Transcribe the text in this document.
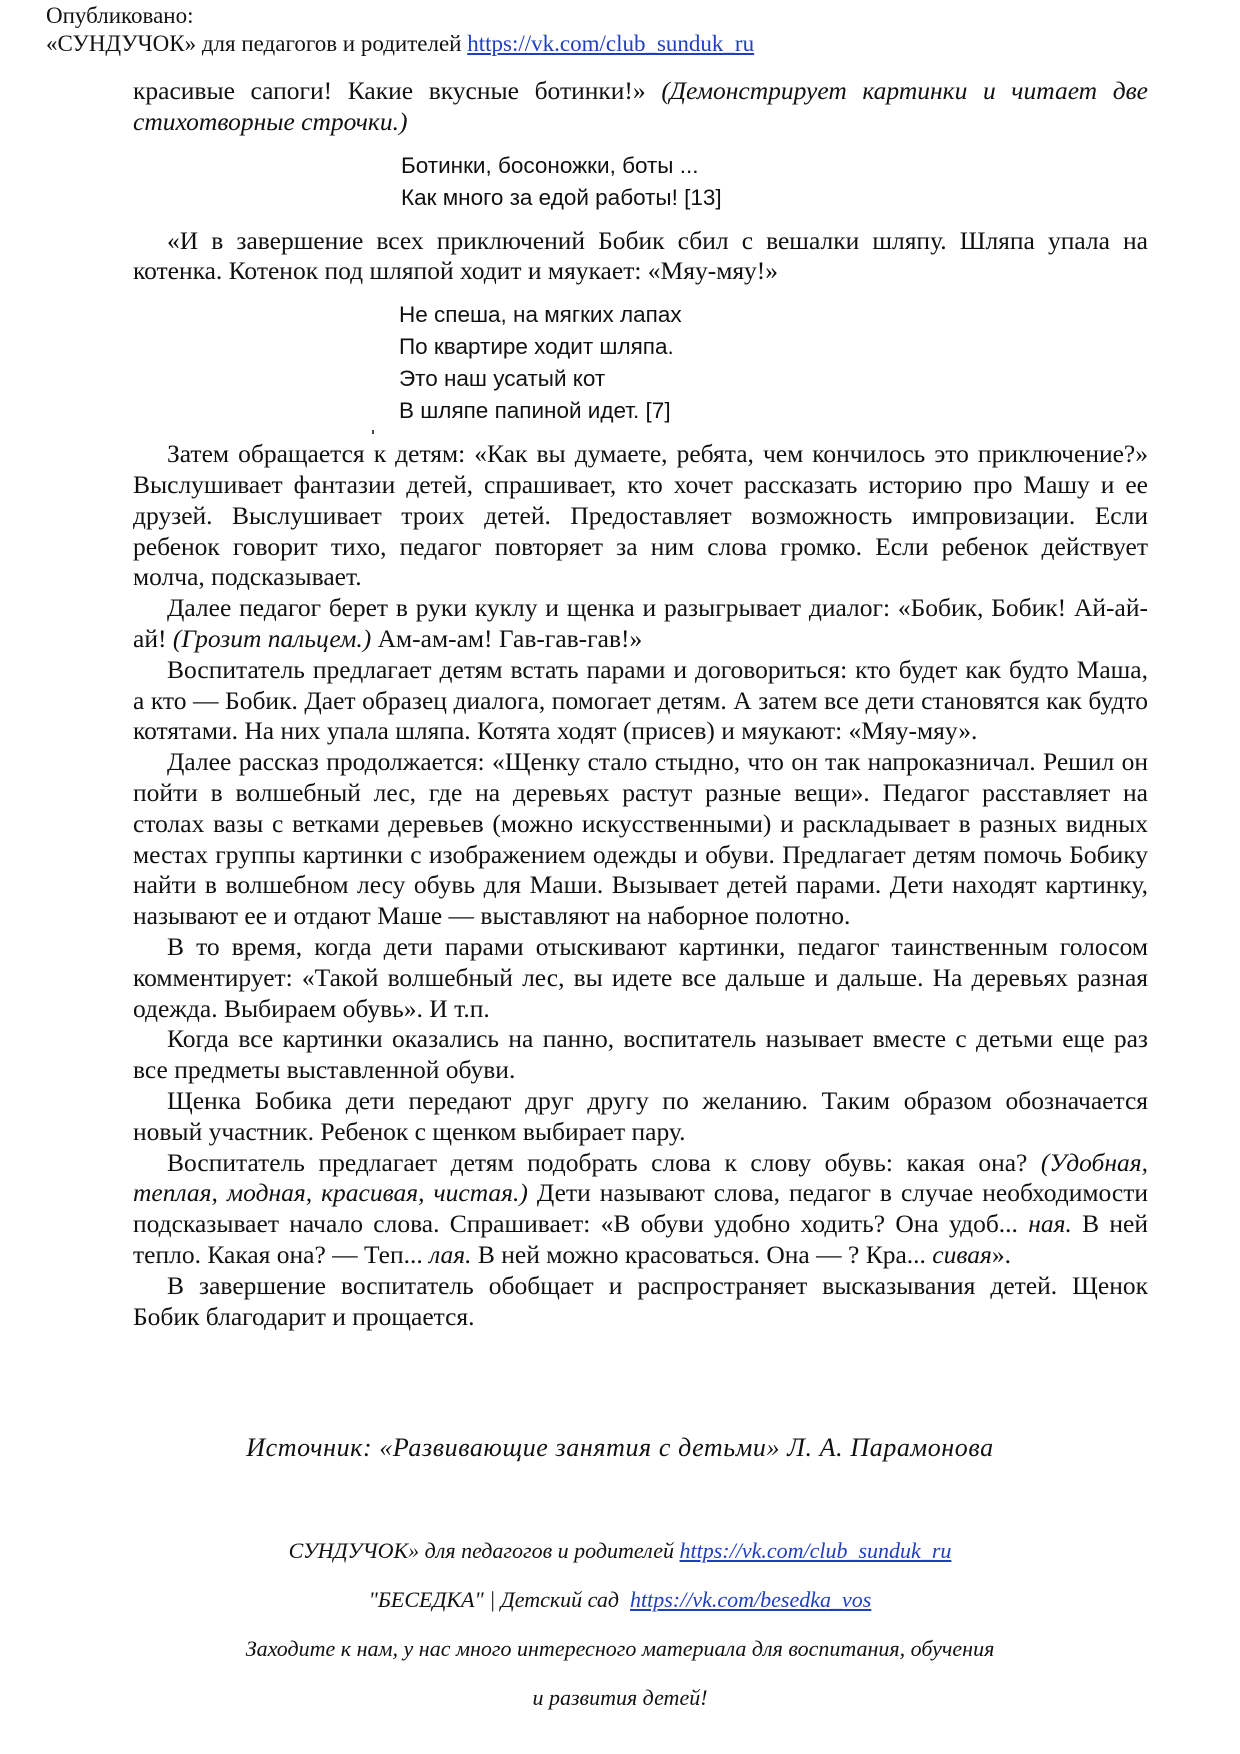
Опубликовано:
«СУНДУЧОК» для педагогов и родителей https://vk.com/club_sunduk_ru

красивые сапоги! Какие вкусные ботинки!» (Демонстрирует картинки и читает две стихотворные строчки.)

Ботинки, босоножки, боты ...
Как много за едой работы! [13]

«И в завершение всех приключений Бобик сбил с вешалки шляпу. Шляпа упала на котенка. Котенок под шляпой ходит и мяукает: «Мяу-мяу!»

Не спеша, на мягких лапах
По квартире ходит шляпа.
Это наш усатый кот
В шляпе папиной идет. [7]

Затем обращается к детям: «Как вы думаете, ребята, чем кончилось это приключение?» Выслушивает фантазии детей, спрашивает, кто хочет рассказать историю про Машу и ее друзей. Выслушивает троих детей. Предоставляет возможность импровизации. Если ребенок говорит тихо, педагог повторяет за ним слова громко. Если ребенок действует молча, подсказывает.

Далее педагог берет в руки куклу и щенка и разыгрывает диалог: «Бобик, Бобик! Ай-ай-ай! (Грозит пальцем.) Ам-ам-ам! Гав-гав-гав!»

Воспитатель предлагает детям встать парами и договориться: кто будет как будто Маша, а кто — Бобик. Дает образец диалога, помогает детям. А затем все дети становятся как будто котятами. На них упала шляпа. Котята ходят (присев) и мяукают: «Мяу-мяу».

Далее рассказ продолжается: «Щенку стало стыдно, что он так напроказничал. Решил он пойти в волшебный лес, где на деревьях растут разные вещи». Педагог расставляет на столах вазы с ветками деревьев (можно искусственными) и раскладывает в разных видных местах группы картинки с изображением одежды и обуви. Предлагает детям помочь Бобику найти в волшебном лесу обувь для Маши. Вызывает детей парами. Дети находят картинку, называют ее и отдают Маше — выставляют на наборное полотно.

В то время, когда дети парами отыскивают картинки, педагог таинственным голосом комментирует: «Такой волшебный лес, вы идете все дальше и дальше. На деревьях разная одежда. Выбираем обувь». И т.п.

Когда все картинки оказались на панно, воспитатель называет вместе с детьми еще раз все предметы выставленной обуви.

Щенка Бобика дети передают друг другу по желанию. Таким образом обозначается новый участник. Ребенок с щенком выбирает пару.

Воспитатель предлагает детям подобрать слова к слову обувь: какая она? (Удобная, теплая, модная, красивая, чистая.) Дети называют слова, педагог в случае необходимости подсказывает начало слова. Спрашивает: «В обуви удобно ходить? Она удоб... ная. В ней тепло. Какая она? — Теп... лая. В ней можно красоваться. Она — ? Кра... сивая».

В завершение воспитатель обобщает и распространяет высказывания детей. Щенок Бобик благодарит и прощается.

Источник: «Развивающие занятия с детьми» Л. А. Парамонова
СУНДУЧОК» для педагогов и родителей https://vk.com/club_sunduk_ru
"БЕСЕДКА" | Детский сад https://vk.com/besedka_vos
Заходите к нам, у нас много интересного материала для воспитания, обучения
и развития детей!
